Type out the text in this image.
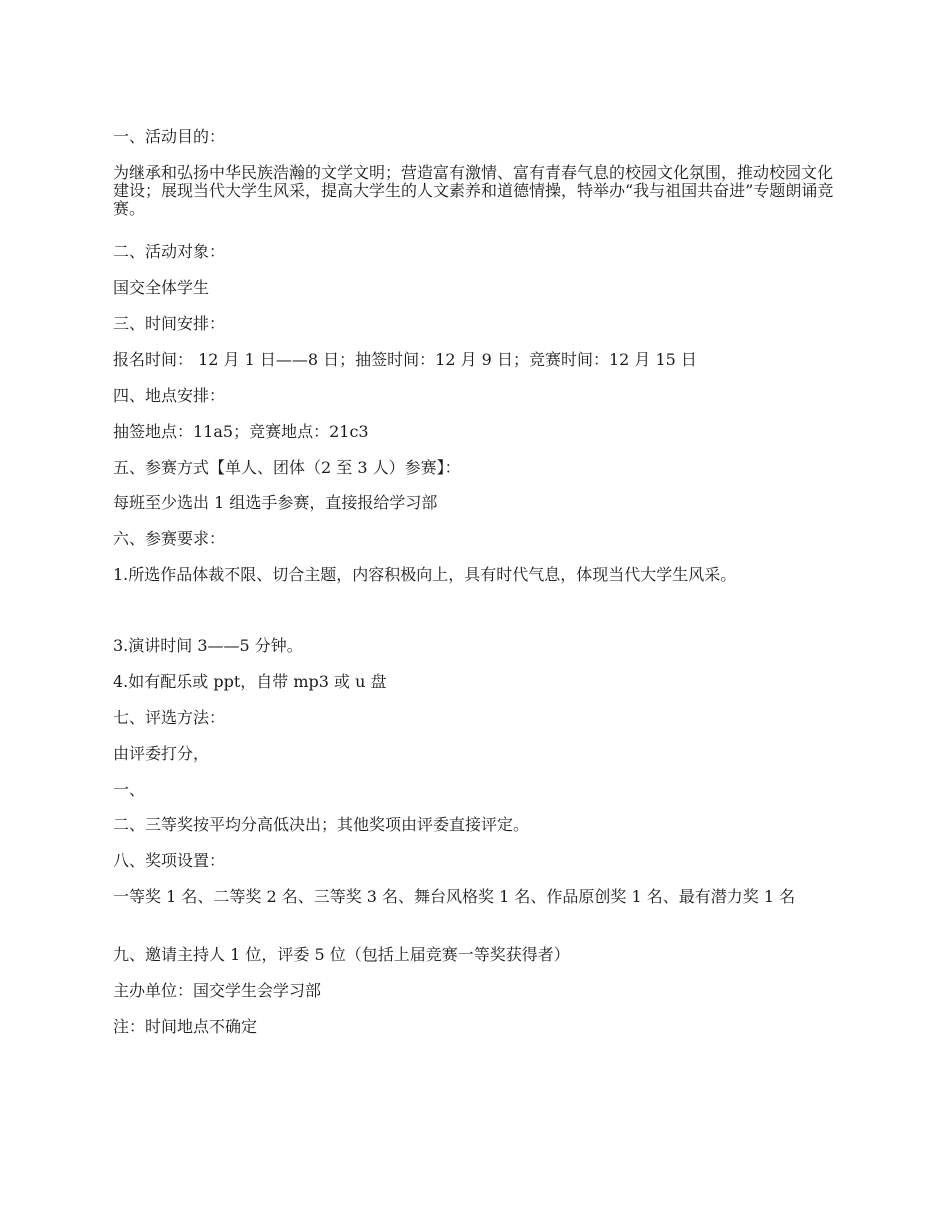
一、活动目的：

为继承和弘扬中华民族浩瀚的文学文明；营造富有激情、富有青春气息的校园文化氛围，推动校园文化建设；展现当代大学生风采，提高大学生的人文素养和道德情操，特举办“我与祖国共奋进”专题朗诵竞赛。

二、活动对象：

国交全体学生

三、时间安排：

报名时间： 12 月 1 日——8 日；抽签时间：12 月 9 日；竞赛时间：12 月 15 日

四、地点安排：

抽签地点：11a5；竞赛地点：21c3

五、参赛方式【单人、团体（2 至 3 人）参赛】：

每班至少选出 1 组选手参赛，直接报给学习部

六、参赛要求：

1.所选作品体裁不限、切合主题，内容积极向上，具有时代气息，体现当代大学生风采。

3.演讲时间 3——5 分钟。

4.如有配乐或 ppt，自带 mp3 或 u 盘

七、评选方法：

由评委打分，

一、

二、三等奖按平均分高低决出；其他奖项由评委直接评定。

八、奖项设置：

一等奖 1 名、二等奖 2 名、三等奖 3 名、舞台风格奖 1 名、作品原创奖 1 名、最有潜力奖 1 名

九、邀请主持人 1 位，评委 5 位（包括上届竞赛一等奖获得者）

主办单位：国交学生会学习部

注：时间地点不确定
